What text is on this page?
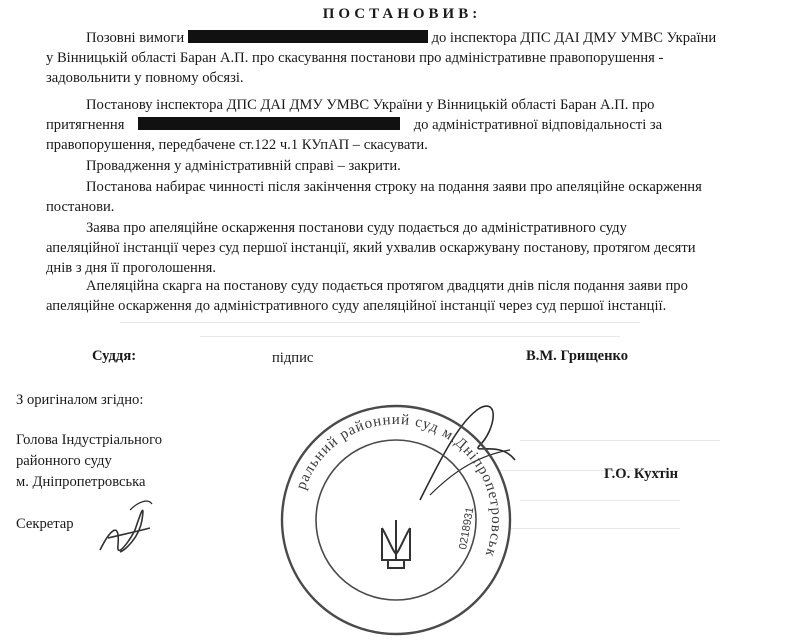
ПОСТАНОВИВ:
Позовні вимоги	до інспектора ДПС ДАІ ДМУ УМВС України
у Вінницькій області Баран А.П. про скасування постанови про адміністративне правопорушення -
задовольнити у повному обсязі.
Постанову інспектора ДПС ДАІ ДМУ УМВС України у Вінницькій області Баран А.П. про
притягнення	до адміністративної відповідальності за
правопорушення, передбачене ст.122 ч.1 КУпАП – скасувати.
Провадження у адміністративній справі – закрити.
Постанова набирає чинності після закінчення строку на подання заяви про апеляційне оскарження
постанови.
Заява про апеляційне оскарження постанови суду подається до адміністративного суду
апеляційної інстанції через суд першої інстанції, який ухвалив оскаржувану постанову, протягом десяти
днів з дня її проголошення.
Апеляційна скарга на постанову суду подається протягом двадцяти днів після подання заяви про
апеляційне оскарження до адміністративного суду апеляційної інстанції через суд першої інстанції.
Суддя:	підпис	В.М. Грищенко
З оригіналом згідно:
Голова Індустріального
районного суду
м. Дніпропетровська	Г.О. Кухтін
Секретар
ральний районний суд м.Дніпропетровськ
0218931
